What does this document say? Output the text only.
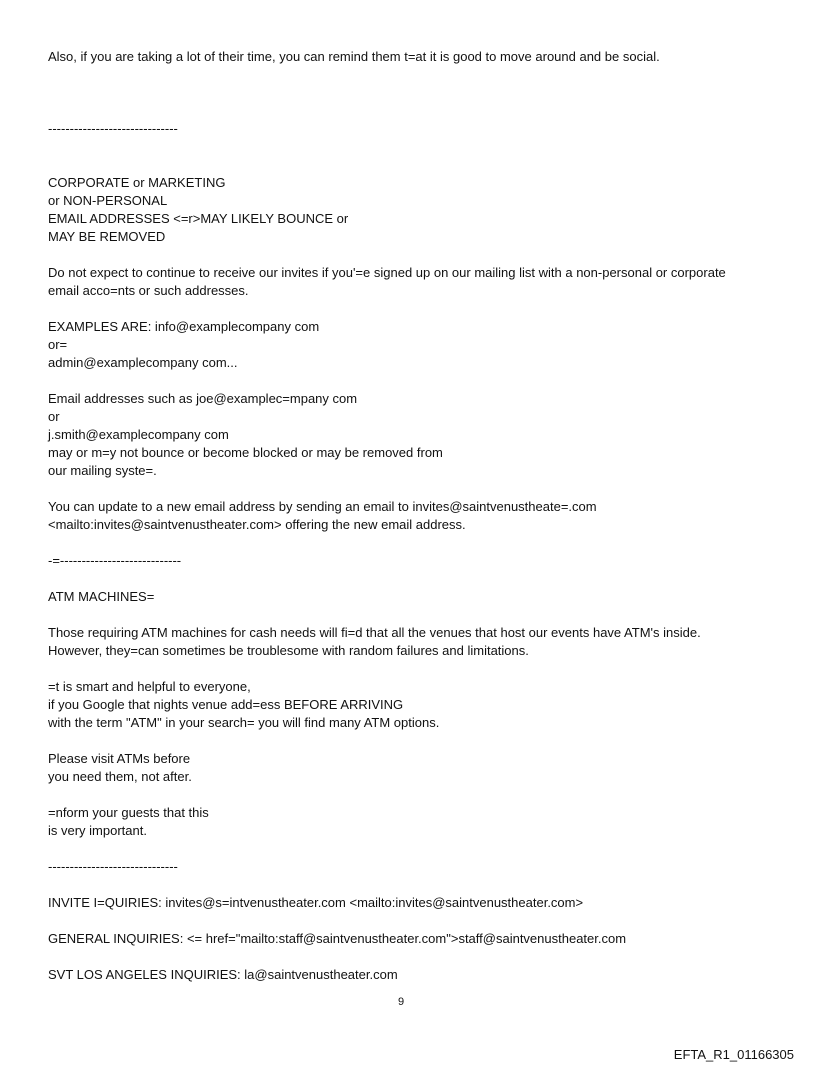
Also, if you are taking a lot of their time, you can remind them t=at it is good to move around and be social.
------------------------------
CORPORATE or MARKETING
or NON-PERSONAL
EMAIL ADDRESSES <=r>MAY LIKELY BOUNCE or
MAY BE REMOVED
Do not expect to continue to receive our invites if you'=e signed up on our mailing list with a non-personal or corporate
email acco=nts or such addresses.
EXAMPLES ARE: info@examplecompany com
or=
admin@examplecompany com...
Email addresses such as joe@examplec=mpany com
or
j.smith@examplecompany com
may or m=y not bounce or become blocked or may be removed from
our mailing syste=.
You can update to a new email address by sending an email to invites@saintvenustheate=.com
<mailto:invites@saintvenustheater.com> offering the new email address.
-=----------------------------
ATM MACHINES=
Those requiring ATM machines for cash needs will fi=d that all the venues that host our events have ATM's inside.
However, they=can sometimes be troublesome with random failures and limitations.
=t is smart and helpful to everyone,
if you Google that nights venue add=ess BEFORE ARRIVING
with the term "ATM" in your search= you will find many ATM options.
Please visit ATMs before
you need them, not after.
=nform your guests that this
is very important.
------------------------------
INVITE I=QUIRIES: invites@s=intvenustheater.com <mailto:invites@saintvenustheater.com>
GENERAL INQUIRIES: <= href="mailto:staff@saintvenustheater.com">staff@saintvenustheater.com
SVT LOS ANGELES INQUIRIES: la@saintvenustheater.com
9
EFTA_R1_01166305
